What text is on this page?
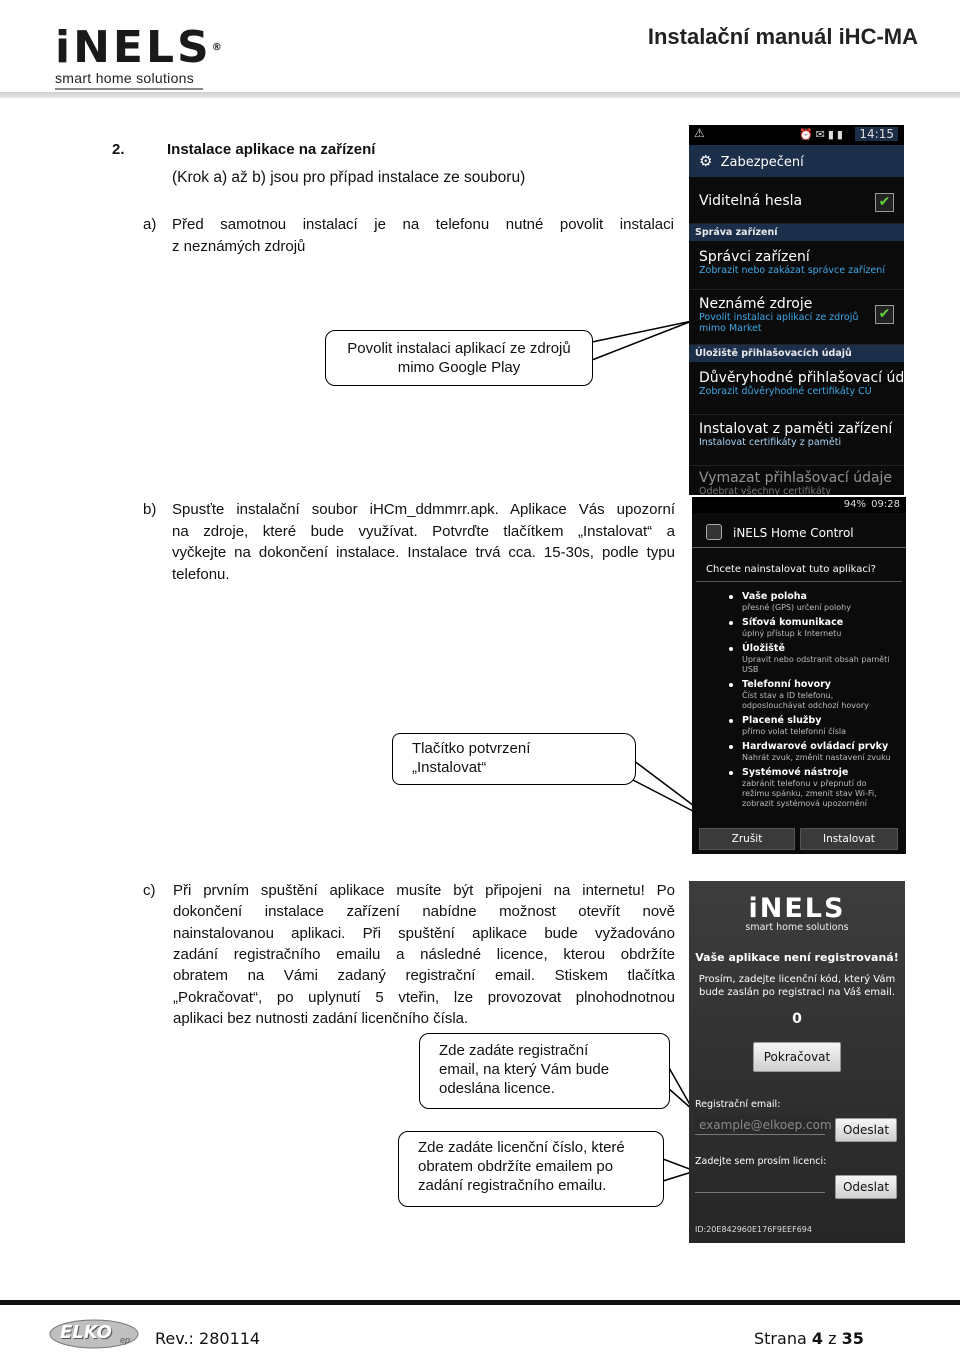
iNELS®
smart home solutions
Instalační manuál iHC-MA
2.	Instalace aplikace na zařízení
(Krok a) až b) jsou pro případ instalace ze souboru)
a) Před samotnou instalací je na telefonu nutné povolit instalaci
z neznámých zdrojů
Povolit instalaci aplikací ze zdrojů
mimo Google Play
b) Spusťte instalační soubor iHCm_ddmmrr.apk. Aplikace Vás upozorní
na zdroje, které bude využívat. Potvrďte tlačítkem „Instalovat“ a
vyčkejte na dokončení instalace. Instalace trvá cca. 15-30s, podle typu
telefonu.
Tlačítko potvrzení
„Instalovat“
c) Při prvním spuštění aplikace musíte být připojeni na internetu! Po
dokončení instalace zařízení nabídne možnost otevřít nově
nainstalovanou aplikaci. Při spuštění aplikace bude vyžadováno
zadání registračního emailu a následné licence, kterou obdržíte
obratem na Vámi zadaný registrační email. Stiskem tlačítka
„Pokračovat“, po uplynutí 5 vteřin, lze provozovat plnohodnotnou
aplikaci bez nutnosti zadání licenčního čísla.
Zde zadáte registrační
email, na který Vám bude
odeslána licence.
Zde zadáte licenční číslo, které
obratem obdržíte emailem po
zadání registračního emailu.
⚠	⏰✉▮▮	14:15
⚙ Zabezpečení
Viditelná hesla	✔
Správa zařízení
Správci zařízení
Zobrazit nebo zakázat správce zařízení
Neznámé zdroje
Povolit instalaci aplikací ze zdrojů
mimo Market
✔
Úložiště přihlašovacích údajů
Důvěryhodné přihlašovací úd
Zobrazit důvěryhodné certifikáty CÚ
Instalovat z paměti zařízení
Instalovat certifikáty z paměti
Vymazat přihlašovací údaje
Odebrat všechny certifikáty
94% 09:28
iNELS Home Control
Chcete nainstalovat tuto aplikaci?
Vaše poloha
přesné (GPS) určení polohy
Síťová komunikace
úplný přístup k Internetu
Úložiště
Upravit nebo odstranit obsah paměti
USB
Telefonní hovory
Číst stav a ID telefonu,
odposlouchávat odchozí hovory
Placené služby
přímo volat telefonní čísla
Hardwarové ovládací prvky
Nahrát zvuk, změnit nastavení zvuku
Systémové nástroje
zabránit telefonu v přepnutí do
režimu spánku, zmenit stav Wi-Fi,
zobrazit systémová upozornění
Zrušit	Instalovat
iNELS
smart home solutions
Vaše aplikace není registrovaná!
Prosím, zadejte licenční kód, který Vám
bude zaslán po registraci na Váš email.
0
Pokračovat
Registrační email:
example@elkoep.com Odeslat
Zadejte sem prosím licenci:
Odeslat
ID:20E842960E176F9EEF694
ELKO ep Rev.: 280114	Strana 4 z 35
